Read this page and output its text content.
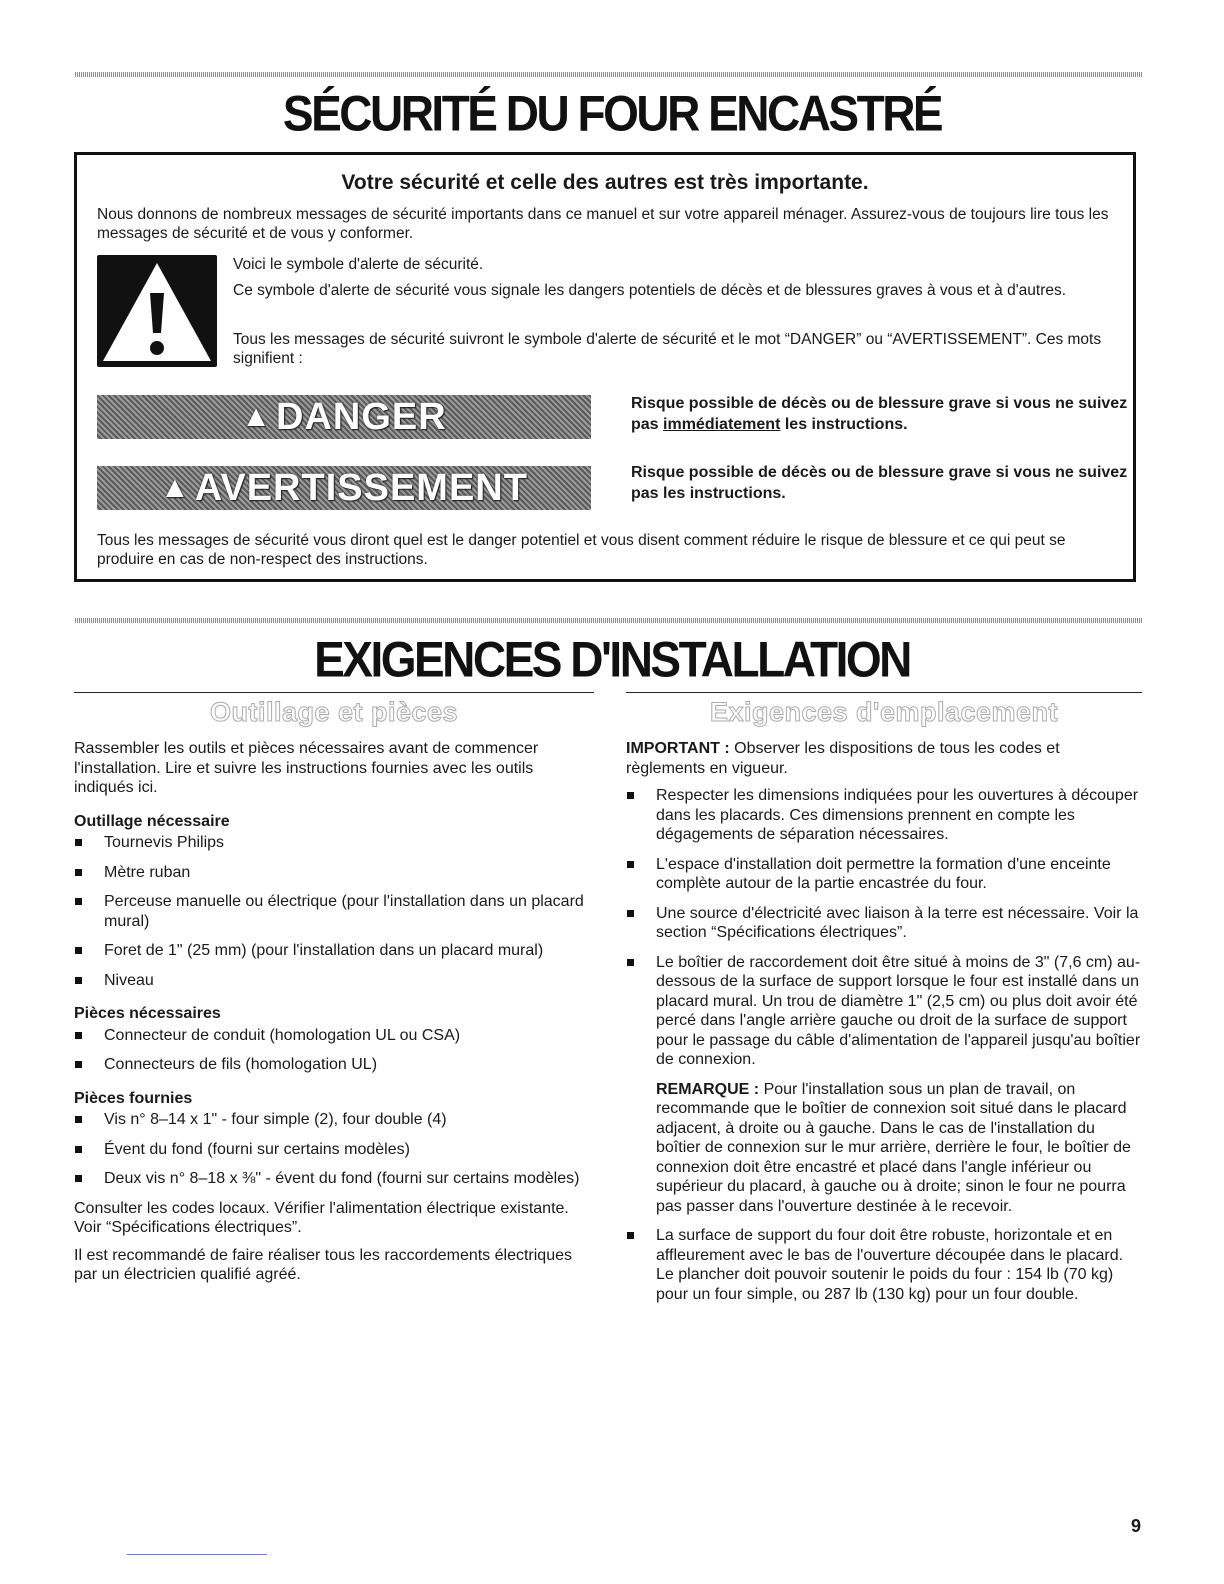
SÉCURITÉ DU FOUR ENCASTRÉ
Votre sécurité et celle des autres est très importante.

Nous donnons de nombreux messages de sécurité importants dans ce manuel et sur votre appareil ménager. Assurez-vous de toujours lire tous les messages de sécurité et de vous y conformer.

Voici le symbole d'alerte de sécurité.

Ce symbole d'alerte de sécurité vous signale les dangers potentiels de décès et de blessures graves à vous et à d'autres.

Tous les messages de sécurité suivront le symbole d'alerte de sécurité et le mot “DANGER” ou “AVERTISSEMENT”. Ces mots signifient :

▲ DANGER	Risque possible de décès ou de blessure grave si vous ne suivez pas immédiatement les instructions.

▲ AVERTISSEMENT	Risque possible de décès ou de blessure grave si vous ne suivez pas les instructions.

Tous les messages de sécurité vous diront quel est le danger potentiel et vous disent comment réduire le risque de blessure et ce qui peut se produire en cas de non-respect des instructions.

EXIGENCES D'INSTALLATION
Outillage et pièces

Rassembler les outils et pièces nécessaires avant de commencer l'installation. Lire et suivre les instructions fournies avec les outils indiqués ici.

Outillage nécessaire
Tournevis Philips
Mètre ruban
Perceuse manuelle ou électrique (pour l'installation dans un placard mural)
Foret de 1" (25 mm) (pour l'installation dans un placard mural)
Niveau
Pièces nécessaires
Connecteur de conduit (homologation UL ou CSA)
Connecteurs de fils (homologation UL)
Pièces fournies
Vis n° 8–14 x 1" - four simple (2), four double (4)
Évent du fond (fourni sur certains modèles)
Deux vis n° 8–18 x ⅜" - évent du fond (fourni sur certains modèles)

Consulter les codes locaux. Vérifier l'alimentation électrique existante. Voir “Spécifications électriques”.

Il est recommandé de faire réaliser tous les raccordements électriques par un électricien qualifié agréé.

Exigences d'emplacement

IMPORTANT : Observer les dispositions de tous les codes et règlements en vigueur.

Respecter les dimensions indiquées pour les ouvertures à découper dans les placards. Ces dimensions prennent en compte les dégagements de séparation nécessaires.
L'espace d'installation doit permettre la formation d'une enceinte complète autour de la partie encastrée du four.
Une source d'électricité avec liaison à la terre est nécessaire. Voir la section “Spécifications électriques”.
Le boîtier de raccordement doit être situé à moins de 3" (7,6 cm) au-dessous de la surface de support lorsque le four est installé dans un placard mural. Un trou de diamètre 1" (2,5 cm) ou plus doit avoir été percé dans l'angle arrière gauche ou droit de la surface de support pour le passage du câble d'alimentation de l'appareil jusqu'au boîtier de connexion.

REMARQUE : Pour l'installation sous un plan de travail, on recommande que le boîtier de connexion soit situé dans le placard adjacent, à droite ou à gauche. Dans le cas de l'installation du boîtier de connexion sur le mur arrière, derrière le four, le boîtier de connexion doit être encastré et placé dans l'angle inférieur ou supérieur du placard, à gauche ou à droite; sinon le four ne pourra pas passer dans l'ouverture destinée à le recevoir.

La surface de support du four doit être robuste, horizontale et en affleurement avec le bas de l'ouverture découpée dans le placard. Le plancher doit pouvoir soutenir le poids du four : 154 lb (70 kg) pour un four simple, ou 287 lb (130 kg) pour un four double.
9
